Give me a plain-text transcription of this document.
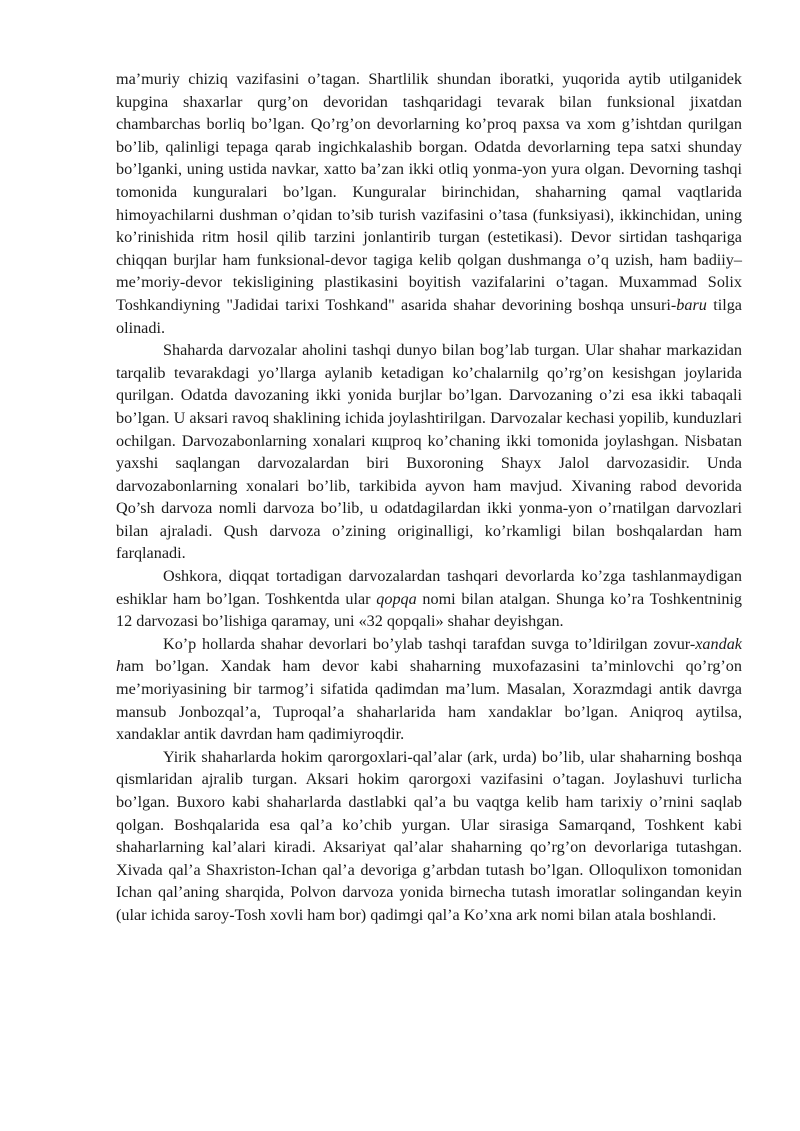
ma’muriy chiziq vazifasini o’tagan. Shartlilik shundan iboratki, yuqorida aytib utilganidek kupgina shaxarlar qurg’on devoridan tashqaridagi tevarak bilan funksional jixatdan chambarchas borliq bo’lgan. Qo’rg’on devorlarning ko’proq paxsa va xom g’ishtdan qurilgan bo’lib, qalinligi tepaga qarab ingichkalashib borgan. Odatda devorlarning tepa satxi shunday bo’lganki, uning ustida navkar, xatto ba’zan ikki otliq yonma-yon yura olgan. Devorning tashqi tomonida kunguralari bo’lgan. Kunguralar birinchidan, shaharning qamal vaqtlarida himoyachilarni dushman o’qidan to’sib turish vazifasini o’tasa (funksiyasi), ikkinchidan, uning ko’rinishida ritm hosil qilib tarzini jonlantirib turgan (estetikasi). Devor sirtidan tashqariga chiqqan burjlar ham funksional-devor tagiga kelib qolgan dushmanga o’q uzish, ham badiiy–me’moriy-devor tekisligining plastikasini boyitish vazifalarini o’tagan. Muxammad Solix Toshkandiyning "Jadidai tarixi Toshkand" asarida shahar devorining boshqa unsuri-baru tilga olinadi.

Shaharda darvozalar aholini tashqi dunyo bilan bog’lab turgan. Ular shahar markazidan tarqalib tevarakdagi yo’llarga aylanib ketadigan ko’chalarnilg qo’rg’on kesishgan joylarida qurilgan. Odatda davozaning ikki yonida burjlar bo’lgan. Darvozaning o’zi esa ikki tabaqali bo’lgan. U aksari ravoq shaklining ichida joylashtirilgan. Darvozalar kechasi yopilib, kunduzlari ochilgan. Darvozabonlarning xonalari кщproq ko’chaning ikki tomonida joylashgan. Nisbatan yaxshi saqlangan darvozalardan biri Buxoroning Shayx Jalol darvozasidir. Unda darvozabonlarning xonalari bo’lib, tarkibida ayvon ham mavjud. Xivaning rabod devorida Qo’sh darvoza nomli darvoza bo’lib, u odatdagilardan ikki yonma-yon o’rnatilgan darvozlari bilan ajraladi. Qush darvoza o’zining originalligi, ko’rkamligi bilan boshqalardan ham farqlanadi.

Oshkora, diqqat tortadigan darvozalardan tashqari devorlarda ko’zga tashlanmaydigan eshiklar ham bo’lgan. Toshkentda ular qopqa nomi bilan atalgan. Shunga ko’ra Toshkentninig 12 darvozasi bo’lishiga qaramay, uni «32 qopqali» shahar deyishgan.

Ko’p hollarda shahar devorlari bo’ylab tashqi tarafdan suvga to’ldirilgan zovur-xandak ham bo’lgan. Xandak ham devor kabi shaharning muxofazasini ta’minlovchi qo’rg’on me’moriyasining bir tarmog’i sifatida qadimdan ma’lum. Masalan, Xorazmdagi antik davrga mansub Jonbozqal’a, Tuproqal’a shaharlarida ham xandaklar bo’lgan. Aniqroq aytilsa, xandaklar antik davrdan ham qadimiyroqdir.

Yirik shaharlarda hokim qarorgoxlari-qal’alar (ark, urda) bo’lib, ular shaharning boshqa qismlaridan ajralib turgan. Aksari hokim qarorgoxi vazifasini o’tagan. Joylashuvi turlicha bo’lgan. Buxoro kabi shaharlarda dastlabki qal’a bu vaqtga kelib ham tarixiy o’rnini saqlab qolgan. Boshqalarida esa qal’a ko’chib yurgan. Ular sirasiga Samarqand, Toshkent kabi shaharlarning kal’alari kiradi. Aksariyat qal’alar shaharning qo’rg’on devorlariga tutashgan. Xivada qal’a Shaxriston-Ichan qal’a devoriga g’arbdan tutash bo’lgan. Olloqulixon tomonidan Ichan qal’aning sharqida, Polvon darvoza yonida birnecha tutash imoratlar solingandan keyin (ular ichida saroy-Tosh xovli ham bor) qadimgi qal’a Ko’xna ark nomi bilan atala boshlandi.
